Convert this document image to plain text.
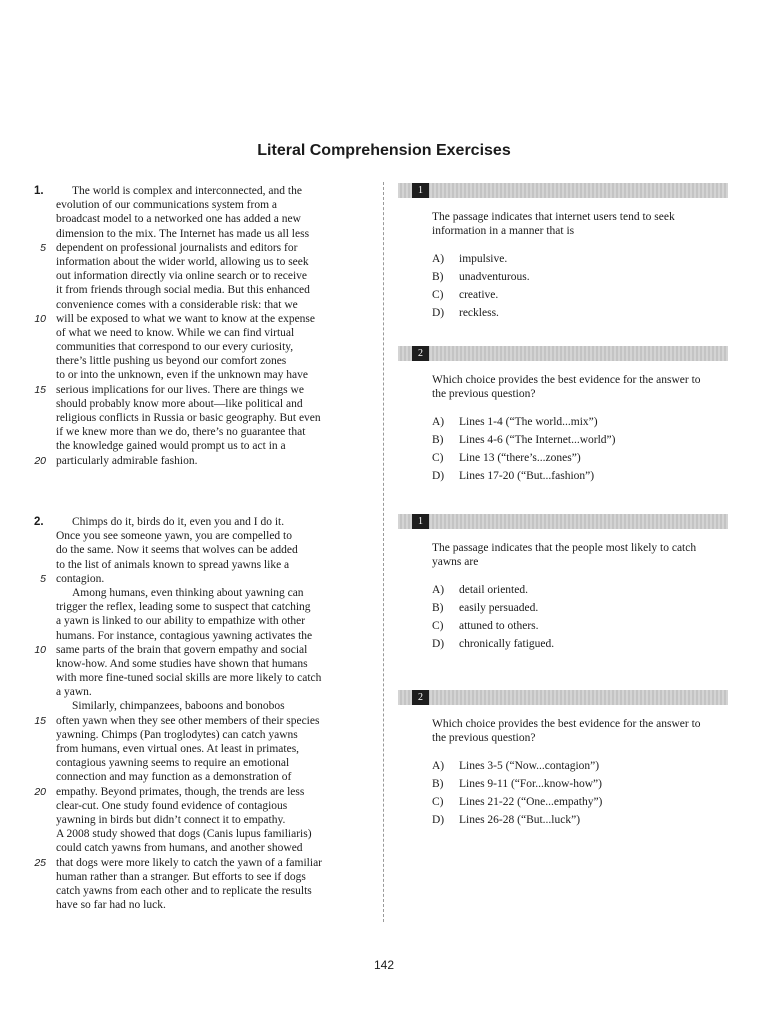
Literal Comprehension Exercises
1.	The world is complex and interconnected, and the
evolution of our communications system from a
broadcast model to a networked one has added a new
dimension to the mix. The Internet has made us all less
5 dependent on professional journalists and editors for
information about the wider world, allowing us to seek
out information directly via online search or to receive
it from friends through social media. But this enhanced
convenience comes with a considerable risk: that we
10 will be exposed to what we want to know at the expense
of what we need to know. While we can find virtual
communities that correspond to our every curiosity,
there’s little pushing us beyond our comfort zones
to or into the unknown, even if the unknown may have
15 serious implications for our lives. There are things we
should probably know more about—like political and
religious conflicts in Russia or basic geography. But even
if we knew more than we do, there’s no guarantee that
the knowledge gained would prompt us to act in a
20 particularly admirable fashion.
2.	Chimps do it, birds do it, even you and I do it.
Once you see someone yawn, you are compelled to
do the same. Now it seems that wolves can be added
to the list of animals known to spread yawns like a
5 contagion.
Among humans, even thinking about yawning can
trigger the reflex, leading some to suspect that catching
a yawn is linked to our ability to empathize with other
humans. For instance, contagious yawning activates the
10 same parts of the brain that govern empathy and social
know-how. And some studies have shown that humans
with more fine-tuned social skills are more likely to catch
a yawn.
Similarly, chimpanzees, baboons and bonobos
15 often yawn when they see other members of their species
yawning. Chimps (Pan troglodytes) can catch yawns
from humans, even virtual ones. At least in primates,
contagious yawning seems to require an emotional
connection and may function as a demonstration of
20 empathy. Beyond primates, though, the trends are less
clear-cut. One study found evidence of contagious
yawning in birds but didn’t connect it to empathy.
A 2008 study showed that dogs (Canis lupus familiaris)
could catch yawns from humans, and another showed
25 that dogs were more likely to catch the yawn of a familiar
human rather than a stranger. But efforts to see if dogs
catch yawns from each other and to replicate the results
have so far had no luck.
1
The passage indicates that internet users tend to seek information in a manner that is
A)	impulsive.
B)	unadventurous.
C)	creative.
D)	reckless.
2
Which choice provides the best evidence for the answer to the previous question?
A)	Lines 1-4 (“The world...mix”)
B)	Lines 4-6 (“The Internet...world”)
C)	Line 13 (“there’s...zones”)
D)	Lines 17-20 (“But...fashion”)
1
The passage indicates that the people most likely to catch yawns are
A)	detail oriented.
B)	easily persuaded.
C)	attuned to others.
D)	chronically fatigued.
2
Which choice provides the best evidence for the answer to the previous question?
A)	Lines 3-5 (“Now...contagion”)
B)	Lines 9-11 (“For...know-how”)
C)	Lines 21-22 (“One...empathy”)
D)	Lines 26-28 (“But...luck”)
142
